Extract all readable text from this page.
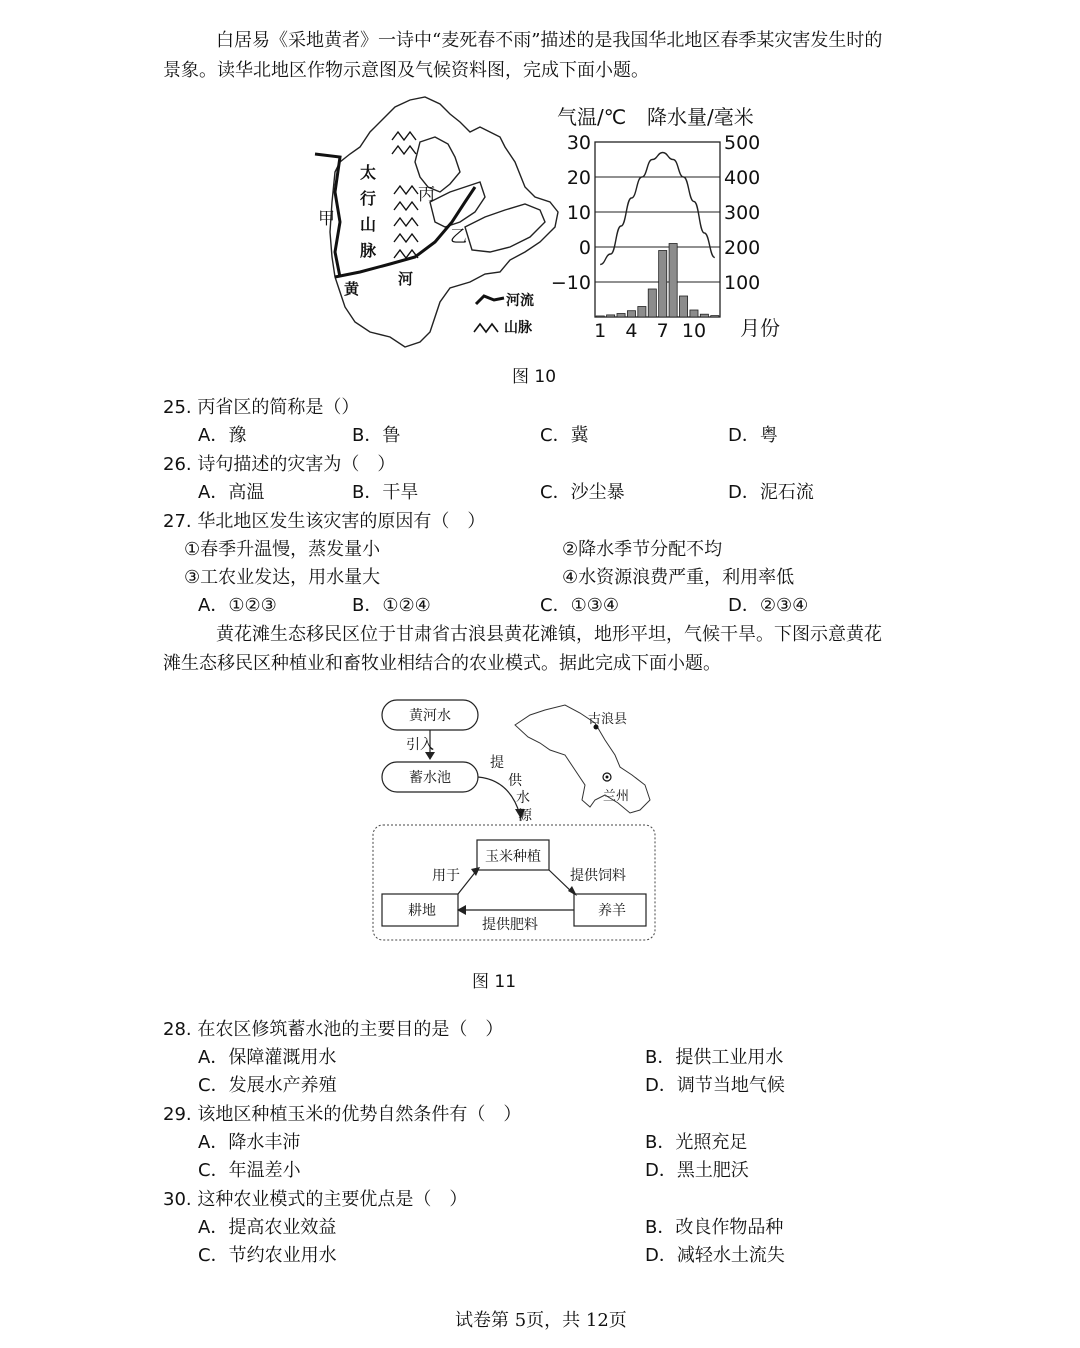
白居易《采地黄者》一诗中“麦死春不雨”描述的是我国华北地区春季某灾害发生时的
景象。读华北地区作物示意图及气候资料图，完成下面小题。
甲
乙
丙
太
行
山
脉
黄
河
河流
山脉
气温/℃ 降水量/毫米
30
20
10
0
−10
500
400
300
200
100
1 4 7 10 月份
图 10
25. 丙省区的简称是（）
A．豫	B．鲁	C．冀	D．粤
26. 诗句描述的灾害为（　）
A．高温	B．干旱	C．沙尘暴	D．泥石流
27. 华北地区发生该灾害的原因有（　）
①春季升温慢，蒸发量小	②降水季节分配不均
③工农业发达，用水量大	④水资源浪费严重，利用率低
A．①②③	B．①②④	C．①③④	D．②③④
黄花滩生态移民区位于甘肃省古浪县黄花滩镇，地形平坦，气候干旱。下图示意黄花
滩生态移民区种植业和畜牧业相结合的农业模式。据此完成下面小题。
黄河水
引入
蓄水池
提
供
水
源
古浪县
兰州
玉米种植
耕地	养羊
用于	提供饲料
提供肥料
图 11
28. 在农区修筑蓄水池的主要目的是（　）
A．保障灌溉用水	B．提供工业用水
C．发展水产养殖	D．调节当地气候
29. 该地区种植玉米的优势自然条件有（　）
A．降水丰沛	B．光照充足
C．年温差小	D．黑土肥沃
30. 这种农业模式的主要优点是（　）
A．提高农业效益	B．改良作物品种
C．节约农业用水	D．减轻水土流失
试卷第 5页，共 12页
